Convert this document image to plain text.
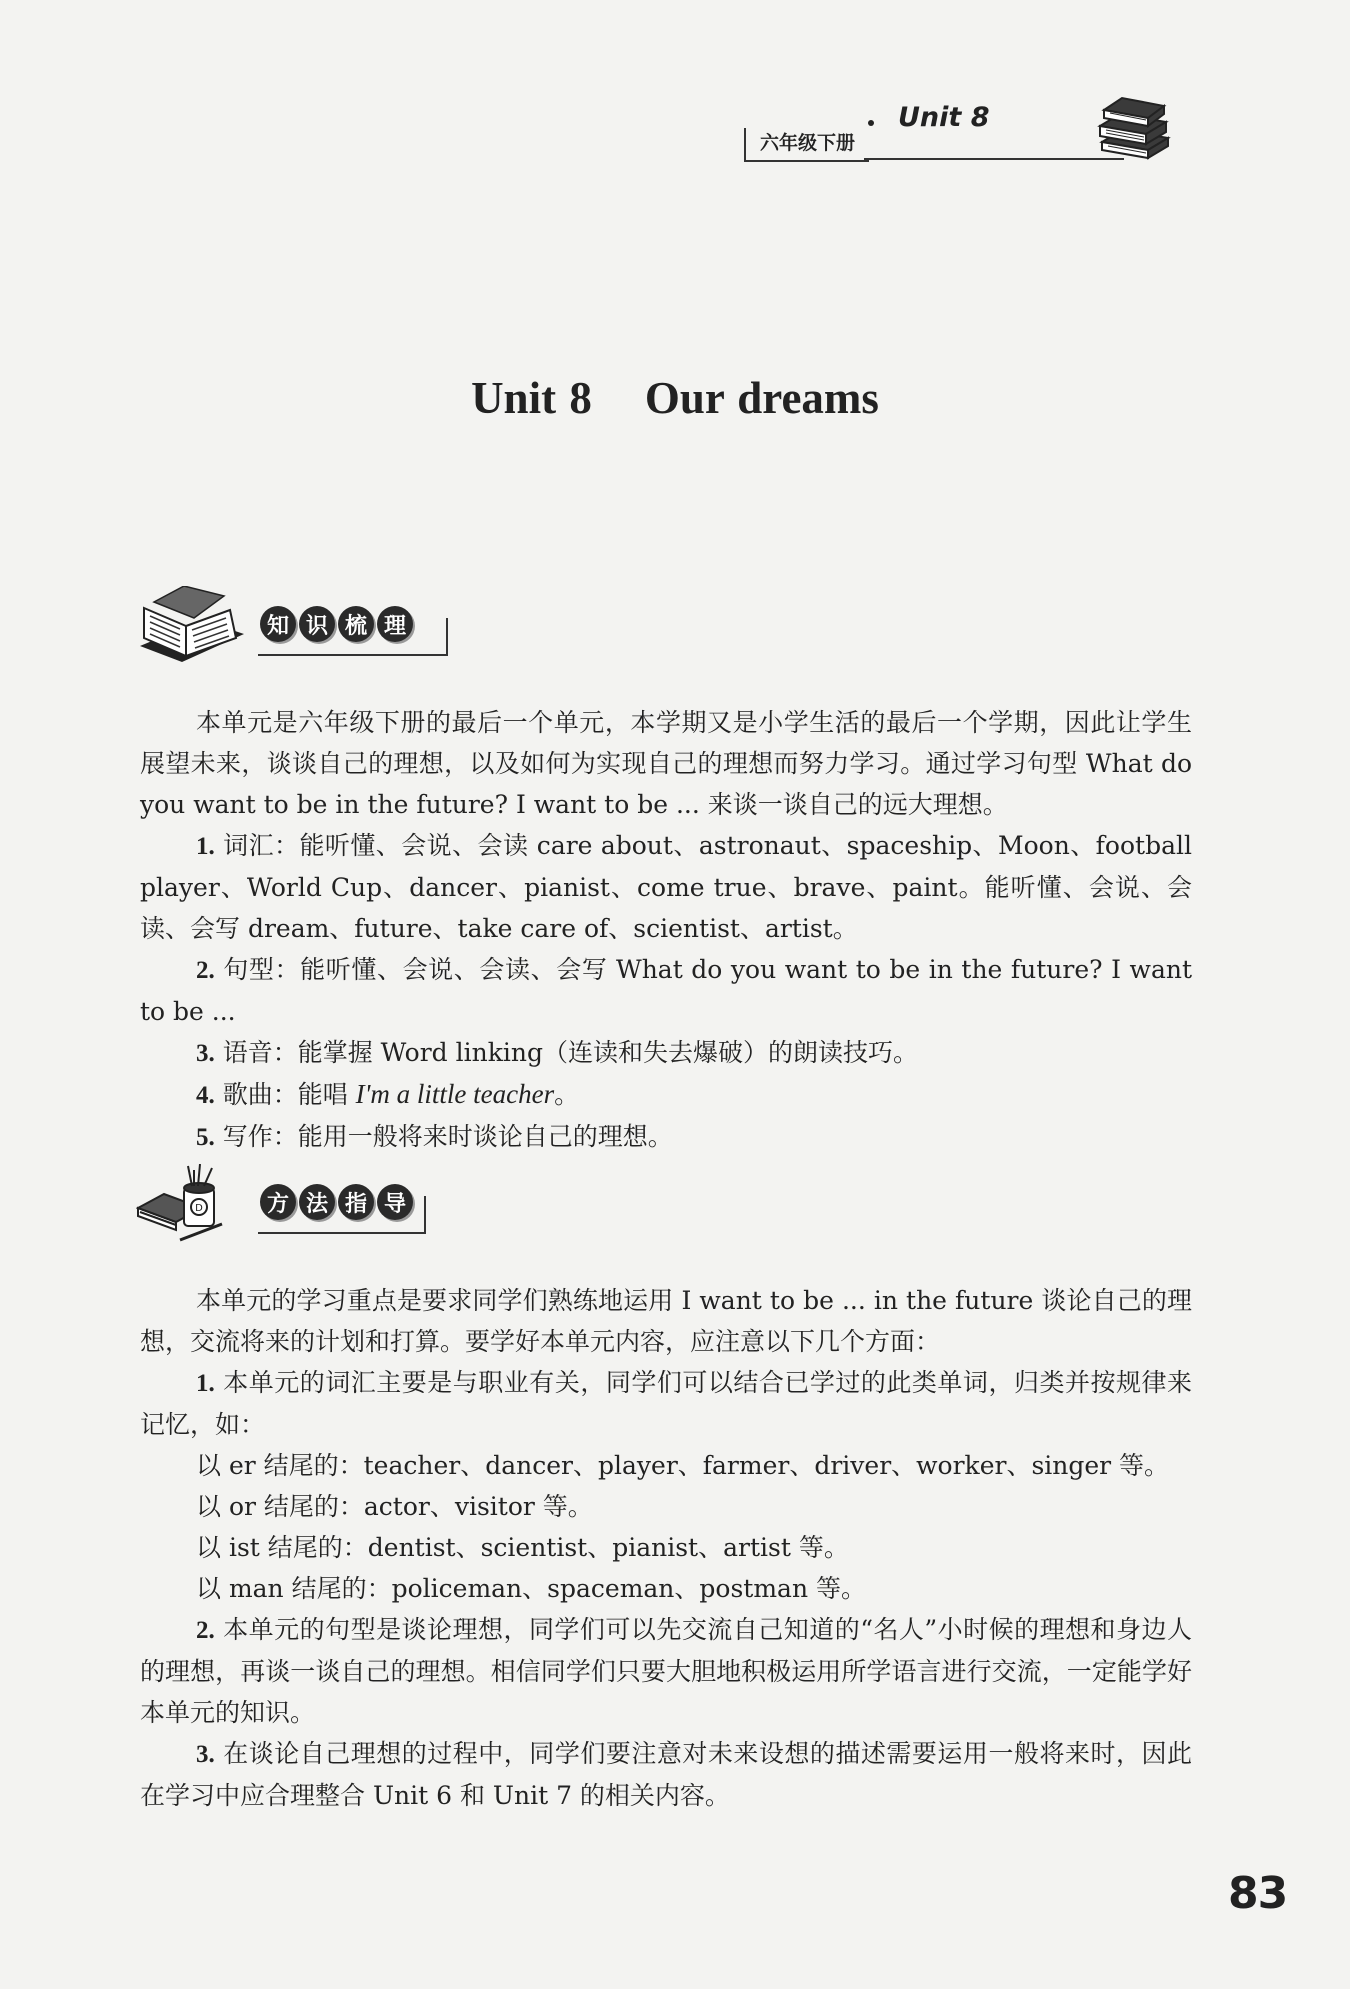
六年级下册
Unit 8
Unit 8    Our dreams
知 识 梳 理

本单元是六年级下册的最后一个单元，本学期又是小学生活的最后一个学期，因此让学生展望未来，谈谈自己的理想，以及如何为实现自己的理想而努力学习。通过学习句型 What do you want to be in the future? I want to be ... 来谈一谈自己的远大理想。

1. 词汇：能听懂、会说、会读 care about、astronaut、spaceship、Moon、football player、World Cup、dancer、pianist、come true、brave、paint。能听懂、会说、会读、会写 dream、future、take care of、scientist、artist。

2. 句型：能听懂、会说、会读、会写 What do you want to be in the future? I want to be ...

3. 语音：能掌握 Word linking（连读和失去爆破）的朗读技巧。

4. 歌曲：能唱 I'm a little teacher。

5. 写作：能用一般将来时谈论自己的理想。

D	方 法 指 导

本单元的学习重点是要求同学们熟练地运用 I want to be ... in the future 谈论自己的理想，交流将来的计划和打算。要学好本单元内容，应注意以下几个方面：

1. 本单元的词汇主要是与职业有关，同学们可以结合已学过的此类单词，归类并按规律来记忆，如：

以 er 结尾的：teacher、dancer、player、farmer、driver、worker、singer 等。

以 or 结尾的：actor、visitor 等。

以 ist 结尾的：dentist、scientist、pianist、artist 等。

以 man 结尾的：policeman、spaceman、postman 等。

2. 本单元的句型是谈论理想，同学们可以先交流自己知道的“名人”小时候的理想和身边人的理想，再谈一谈自己的理想。相信同学们只要大胆地积极运用所学语言进行交流，一定能学好本单元的知识。

3. 在谈论自己理想的过程中，同学们要注意对未来设想的描述需要运用一般将来时，因此在学习中应合理整合 Unit 6 和 Unit 7 的相关内容。

83
